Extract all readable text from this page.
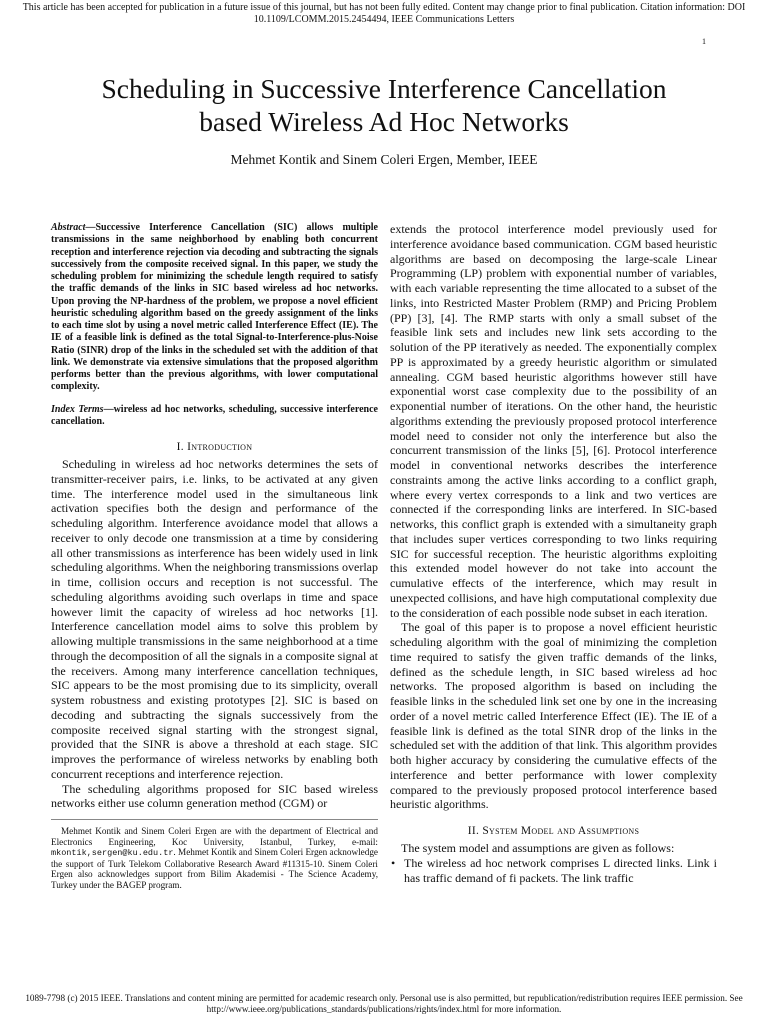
This article has been accepted for publication in a future issue of this journal, but has not been fully edited. Content may change prior to final publication. Citation information: DOI 10.1109/LCOMM.2015.2454494, IEEE Communications Letters
1
Scheduling in Successive Interference Cancellation
based Wireless Ad Hoc Networks
Mehmet Kontik and Sinem Coleri Ergen, Member, IEEE

Abstract—Successive Interference Cancellation (SIC) allows multiple transmissions in the same neighborhood by enabling both concurrent reception and interference rejection via decoding and subtracting the signals successively from the composite received signal. In this paper, we study the scheduling problem for minimizing the schedule length required to satisfy the traffic demands of the links in SIC based wireless ad hoc networks. Upon proving the NP-hardness of the problem, we propose a novel efficient heuristic scheduling algorithm based on the greedy assignment of the links to each time slot by using a novel metric called Interference Effect (IE). The IE of a feasible link is defined as the total Signal-to-Interference-plus-Noise Ratio (SINR) drop of the links in the scheduled set with the addition of that link. We demonstrate via extensive simulations that the proposed algorithm performs better than the previous algorithms, with lower computational complexity.

Index Terms—wireless ad hoc networks, scheduling, successive interference cancellation.

I. Introduction

Scheduling in wireless ad hoc networks determines the sets of transmitter-receiver pairs, i.e. links, to be activated at any given time. The interference model used in the simultaneous link activation specifies both the design and performance of the scheduling algorithm. Interference avoidance model that allows a receiver to only decode one transmission at a time by considering all other transmissions as interference has been widely used in link scheduling algorithms. When the neighboring transmissions overlap in time, collision occurs and reception is not successful. The scheduling algorithms avoiding such overlaps in time and space however limit the capacity of wireless ad hoc networks [1]. Interference cancellation model aims to solve this problem by allowing multiple transmissions in the same neighborhood at a time through the decomposition of all the signals in a composite signal at the receivers. Among many interference cancellation techniques, SIC appears to be the most promising due to its simplicity, overall system robustness and existing prototypes [2]. SIC is based on decoding and subtracting the signals successively from the composite received signal starting with the strongest signal, provided that the SINR is above a threshold at each stage. SIC improves the performance of wireless networks by enabling both concurrent receptions and interference rejection.

The scheduling algorithms proposed for SIC based wireless networks either use column generation method (CGM) or

Mehmet Kontik and Sinem Coleri Ergen are with the department of Electrical and Electronics Engineering, Koc University, Istanbul, Turkey, e-mail: mkontik,sergen@ku.edu.tr. Mehmet Kontik and Sinem Coleri Ergen acknowledge the support of Turk Telekom Collaborative Research Award #11315-10. Sinem Coleri Ergen also acknowledges support from Bilim Akademisi - The Science Academy, Turkey under the BAGEP program.

extends the protocol interference model previously used for interference avoidance based communication. CGM based heuristic algorithms are based on decomposing the large-scale Linear Programming (LP) problem with exponential number of variables, with each variable representing the time allocated to a subset of the links, into Restricted Master Problem (RMP) and Pricing Problem (PP) [3], [4]. The RMP starts with only a small subset of the feasible link sets and includes new link sets according to the solution of the PP iteratively as needed. The exponentially complex PP is approximated by a greedy heuristic algorithm or simulated annealing. CGM based heuristic algorithms however still have exponential worst case complexity due to the possibility of an exponential number of iterations. On the other hand, the heuristic algorithms extending the previously proposed protocol interference model need to consider not only the interference but also the concurrent transmission of the links [5], [6]. Protocol interference model in conventional networks describes the interference constraints among the active links according to a conflict graph, where every vertex corresponds to a link and two vertices are connected if the corresponding links are interfered. In SIC-based networks, this conflict graph is extended with a simultaneity graph that includes super vertices corresponding to two links requiring SIC for successful reception. The heuristic algorithms exploiting this extended model however do not take into account the cumulative effects of the interference, which may result in unexpected collisions, and have high computational complexity due to the consideration of each possible node subset in each iteration.

The goal of this paper is to propose a novel efficient heuristic scheduling algorithm with the goal of minimizing the completion time required to satisfy the given traffic demands of the links, defined as the schedule length, in SIC based wireless ad hoc networks. The proposed algorithm is based on including the feasible links in the scheduled link set one by one in the increasing order of a novel metric called Interference Effect (IE). The IE of a feasible link is defined as the total SINR drop of the links in the scheduled set with the addition of that link. This algorithm provides both higher accuracy by considering the cumulative effects of the interference and better performance with lower complexity compared to the previously proposed protocol interference based heuristic algorithms.

II. System Model and Assumptions

The system model and assumptions are given as follows:

• The wireless ad hoc network comprises L directed links. Link i has traffic demand of fi packets. The link traffic
1089-7798 (c) 2015 IEEE. Translations and content mining are permitted for academic research only. Personal use is also permitted, but republication/redistribution requires IEEE permission. See http://www.ieee.org/publications_standards/publications/rights/index.html for more information.
